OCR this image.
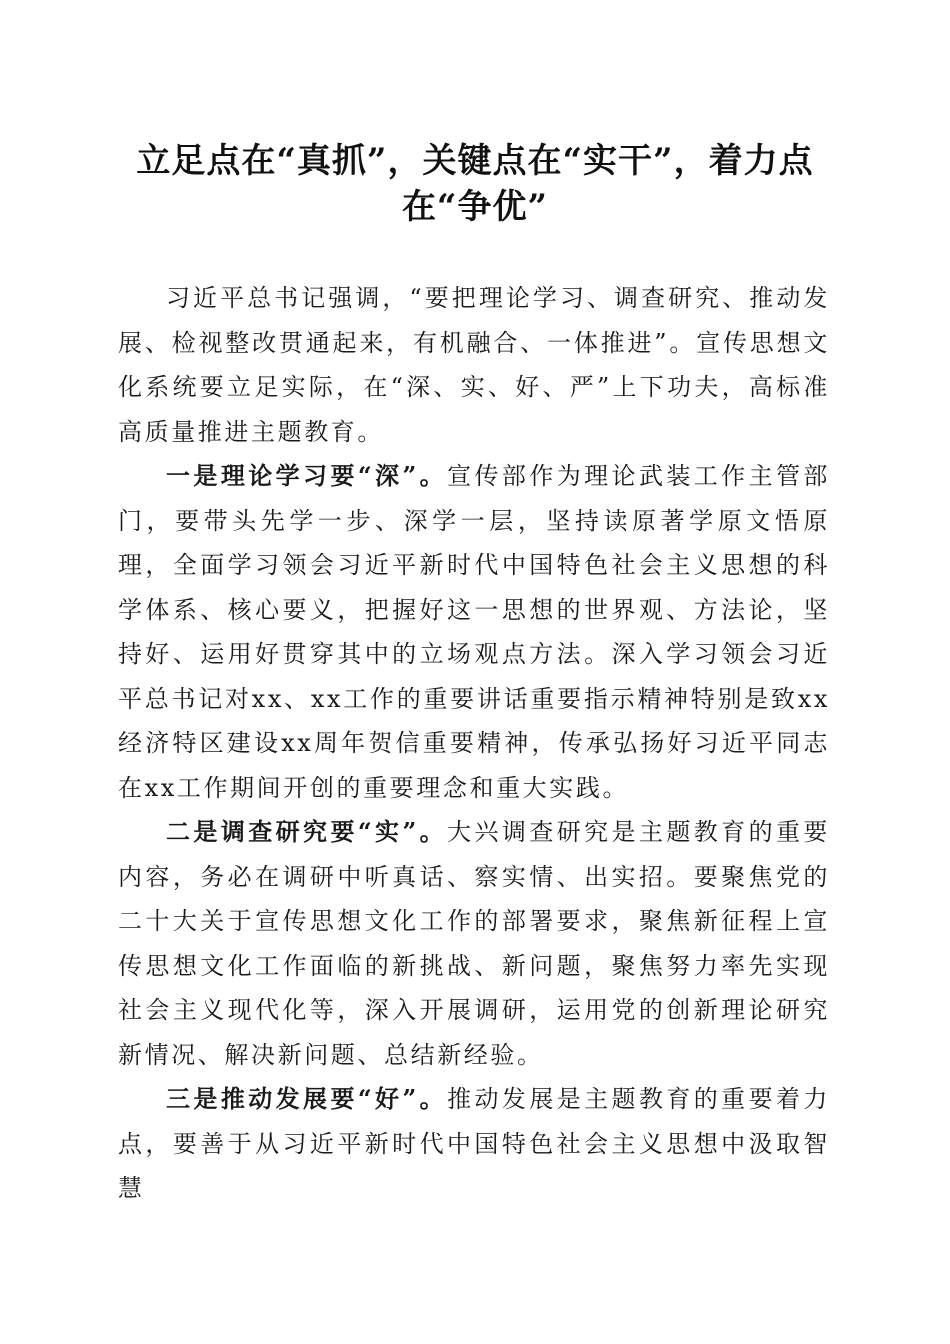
立足点在“真抓”，关键点在“实干”，着力点在“争优”

习近平总书记强调，“要把理论学习、调查研究、推动发展、检视整改贯通起来，有机融合、一体推进”。宣传思想文化系统要立足实际，在“深、实、好、严”上下功夫，高标准高质量推进主题教育。

一是理论学习要“深”。宣传部作为理论武装工作主管部门，要带头先学一步、深学一层，坚持读原著学原文悟原理，全面学习领会习近平新时代中国特色社会主义思想的科学体系、核心要义，把握好这一思想的世界观、方法论，坚持好、运用好贯穿其中的立场观点方法。深入学习领会习近平总书记对xx、xx工作的重要讲话重要指示精神特别是致xx经济特区建设xx周年贺信重要精神，传承弘扬好习近平同志在xx工作期间开创的重要理念和重大实践。

二是调查研究要“实”。大兴调查研究是主题教育的重要内容，务必在调研中听真话、察实情、出实招。要聚焦党的二十大关于宣传思想文化工作的部署要求，聚焦新征程上宣传思想文化工作面临的新挑战、新问题，聚焦努力率先实现社会主义现代化等，深入开展调研，运用党的创新理论研究新情况、解决新问题、总结新经验。

三是推动发展要“好”。推动发展是主题教育的重要着力点，要善于从习近平新时代中国特色社会主义思想中汲取智慧
